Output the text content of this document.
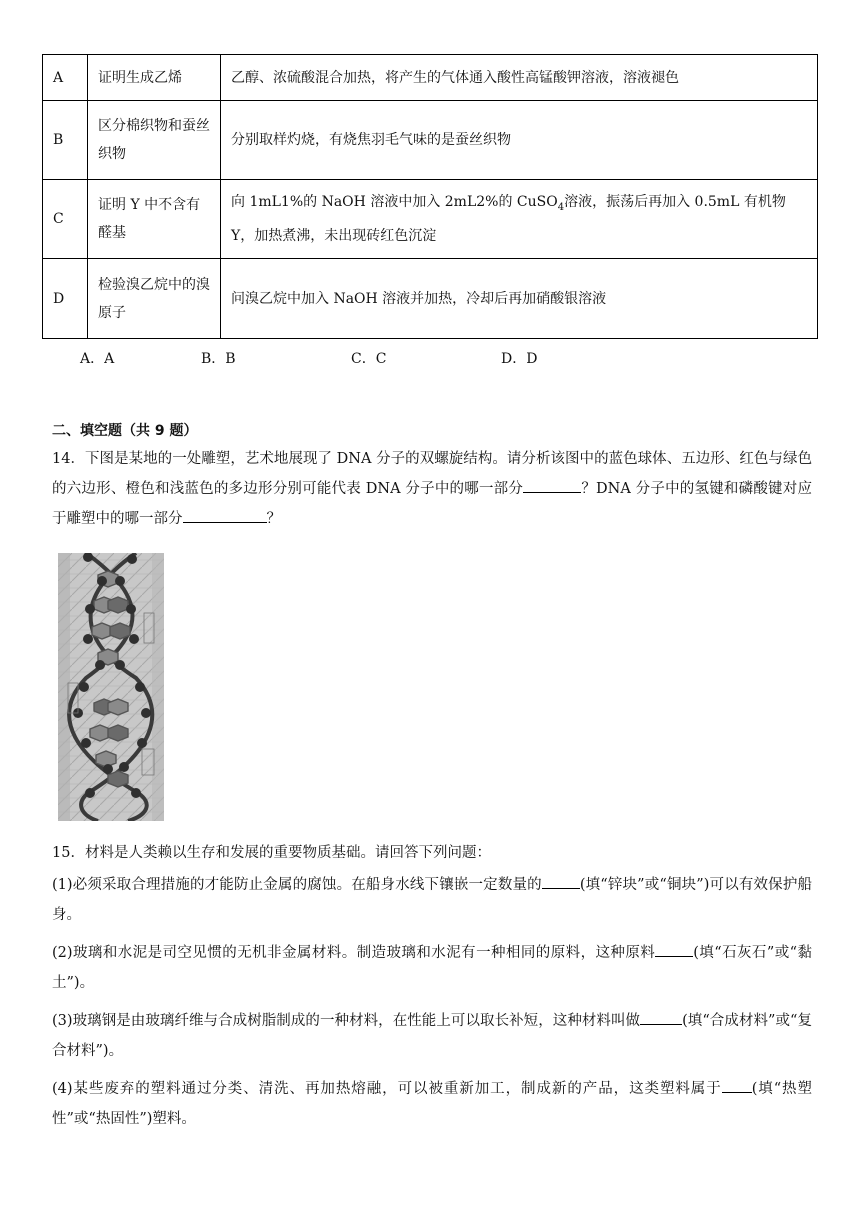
A	证明生成乙烯	乙醇、浓硫酸混合加热，将产生的气体通入酸性高锰酸钾溶液，溶液褪色
B	区分棉织物和蚕丝织物	分别取样灼烧，有烧焦羽毛气味的是蚕丝织物
C	证明 Y 中不含有醛基	向 1mL1%的 NaOH 溶液中加入 2mL2%的 CuSO$_4$溶液，振荡后再加入 0.5mL 有机物 Y，加热煮沸，未出现砖红色沉淀
D	检验溴乙烷中的溴原子	问溴乙烷中加入 NaOH 溶液并加热，冷却后再加硝酸银溶液
A．A	B．B	C．C	D．D
二、填空题（共 9 题）
14．下图是某地的一处雕塑，艺术地展现了 DNA 分子的双螺旋结构。请分析该图中的蓝色球体、五边形、红色与绿色的六边形、橙色和浅蓝色的多边形分别可能代表 DNA 分子中的哪一部分	？DNA 分子中的氢键和磷酸键对应于雕塑中的哪一部分	？
15．材料是人类赖以生存和发展的重要物质基础。请回答下列问题：
(1)必须采取合理措施的才能防止金属的腐蚀。在船身水线下镶嵌一定数量的	(填“锌块”或“铜块”)可以有效保护船身。
(2)玻璃和水泥是司空见惯的无机非金属材料。制造玻璃和水泥有一种相同的原料，这种原料	(填“石灰石”或“黏土”)。
(3)玻璃钢是由玻璃纤维与合成树脂制成的一种材料，在性能上可以取长补短，这种材料叫做	(填“合成材料”或“复合材料”)。
(4)某些废弃的塑料通过分类、清洗、再加热熔融，可以被重新加工，制成新的产品，这类塑料属于 (填“热塑性”或“热固性”)塑料。
